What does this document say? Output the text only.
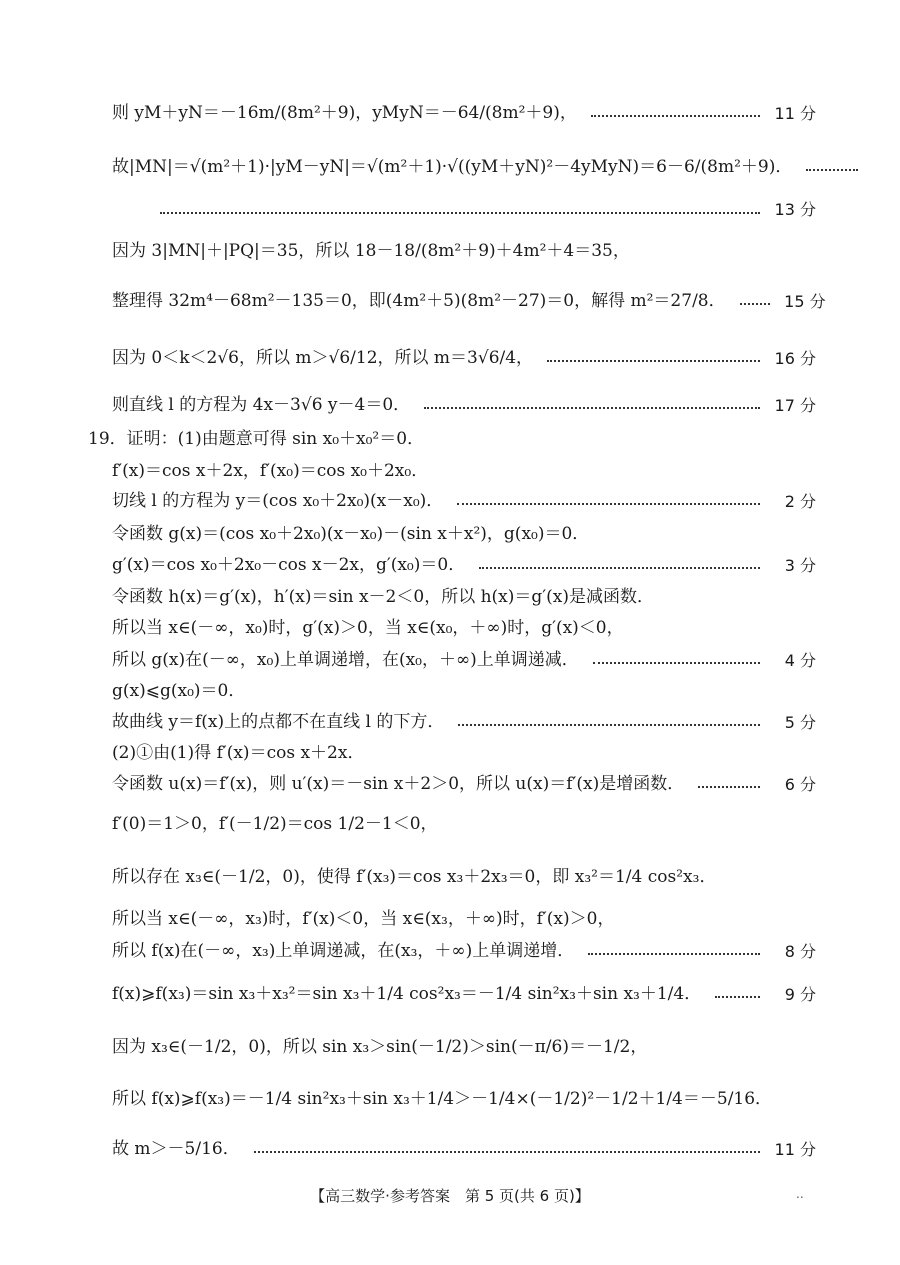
则 yM＋yN＝－16m/(8m²＋9)，yMyN＝－64/(8m²＋9)，	11 分
故|MN|＝√(m²＋1)·|yM－yN|＝√(m²＋1)·√((yM＋yN)²－4yMyN)＝6－6/(8m²＋9)．
13 分
因为 3|MN|＋|PQ|＝35，所以 18－18/(8m²＋9)＋4m²＋4＝35，
整理得 32m⁴－68m²－135＝0，即(4m²＋5)(8m²－27)＝0，解得 m²＝27/8．	15 分
因为 0＜k＜2√6，所以 m＞√6/12，所以 m＝3√6/4，	16 分
则直线 l 的方程为 4x－3√6 y－4＝0．	17 分
19．证明：(1)由题意可得 sin x₀＋x₀²＝0．
f′(x)＝cos x＋2x，f′(x₀)＝cos x₀＋2x₀．
切线 l 的方程为 y＝(cos x₀＋2x₀)(x－x₀)．	2 分
令函数 g(x)＝(cos x₀＋2x₀)(x－x₀)－(sin x＋x²)，g(x₀)＝0．
g′(x)＝cos x₀＋2x₀－cos x－2x，g′(x₀)＝0．	3 分
令函数 h(x)＝g′(x)，h′(x)＝sin x－2＜0，所以 h(x)＝g′(x)是减函数．
所以当 x∈(－∞，x₀)时，g′(x)＞0，当 x∈(x₀，＋∞)时，g′(x)＜0，
所以 g(x)在(－∞，x₀)上单调递增，在(x₀，＋∞)上单调递减．	4 分
g(x)⩽g(x₀)＝0．
故曲线 y＝f(x)上的点都不在直线 l 的下方．	5 分
(2)①由(1)得 f′(x)＝cos x＋2x．
令函数 u(x)＝f′(x)，则 u′(x)＝－sin x＋2＞0，所以 u(x)＝f′(x)是增函数．	6 分
f′(0)＝1＞0，f′(－1/2)＝cos 1/2－1＜0，
所以存在 x₃∈(－1/2，0)，使得 f′(x₃)＝cos x₃＋2x₃＝0，即 x₃²＝1/4 cos²x₃．
所以当 x∈(－∞，x₃)时，f′(x)＜0，当 x∈(x₃，＋∞)时，f′(x)＞0，
所以 f(x)在(－∞，x₃)上单调递减，在(x₃，＋∞)上单调递增．	8 分
f(x)⩾f(x₃)＝sin x₃＋x₃²＝sin x₃＋1/4 cos²x₃＝－1/4 sin²x₃＋sin x₃＋1/4．	9 分
因为 x₃∈(－1/2，0)，所以 sin x₃＞sin(－1/2)＞sin(－π/6)＝－1/2，
所以 f(x)⩾f(x₃)＝－1/4 sin²x₃＋sin x₃＋1/4＞－1/4×(－1/2)²－1/2＋1/4＝－5/16．
故 m＞－5/16．	11 分
【高三数学·参考答案　第 5 页(共 6 页)】	..
